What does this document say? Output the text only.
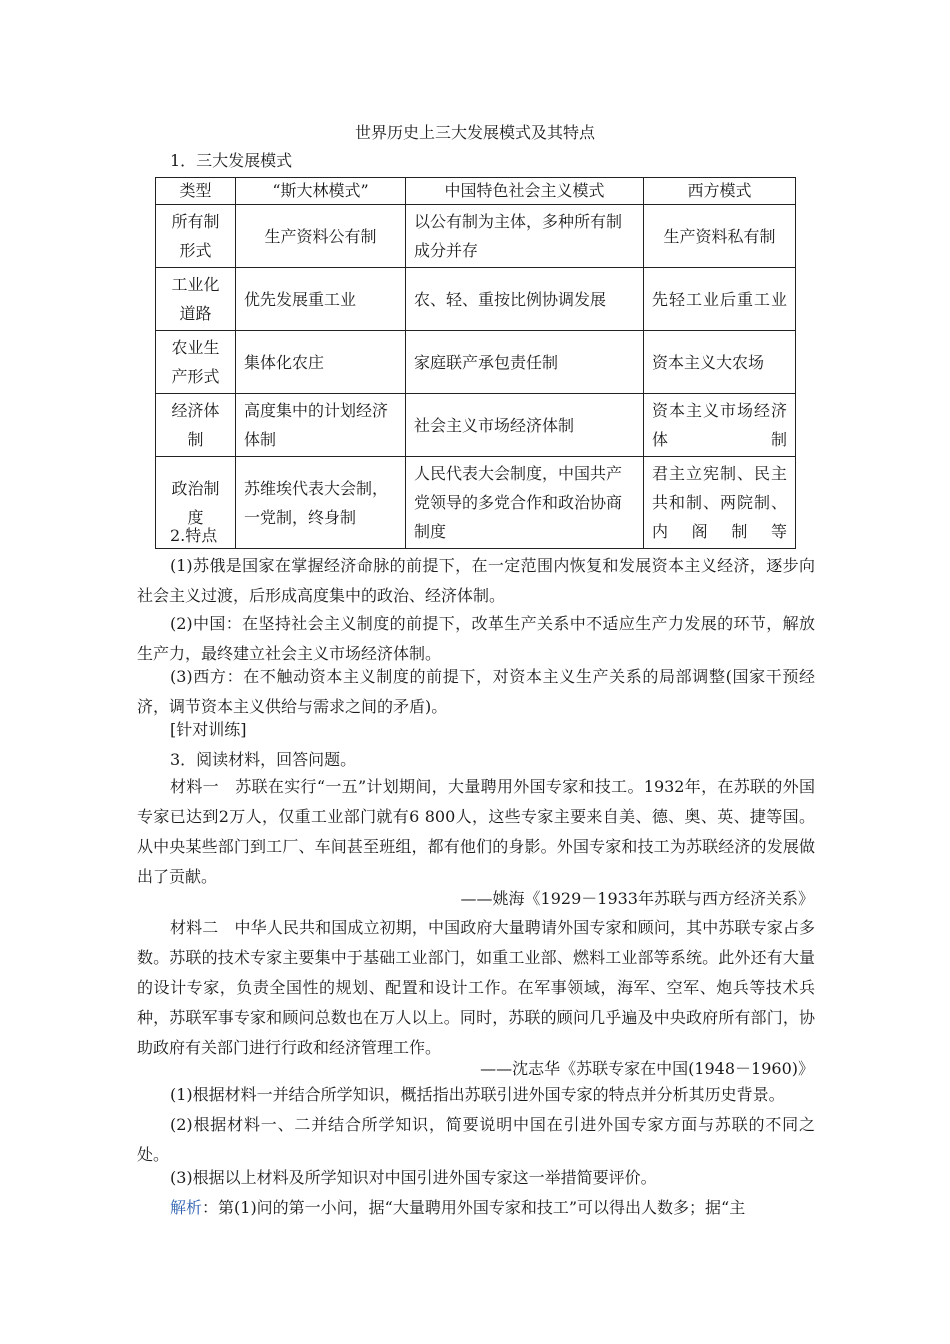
世界历史上三大发展模式及其特点
1．三大发展模式
类型	“斯大林模式”	中国特色社会主义模式	西方模式
所有制形式	生产资料公有制	以公有制为主体，多种所有制成分并存	生产资料私有制
工业化道路	优先发展重工业	农、轻、重按比例协调发展	先轻工业后重工业
农业生产形式	集体化农庄	家庭联产承包责任制	资本主义大农场
经济体制	高度集中的计划经济体制	社会主义市场经济体制	资本主义市场经济体制
政治制度	苏维埃代表大会制，一党制，终身制	人民代表大会制度，中国共产党领导的多党合作和政治协商制度	君主立宪制、民主共和制、两院制、内阁制等
2.特点

(1)苏俄是国家在掌握经济命脉的前提下，在一定范围内恢复和发展资本主义经济，逐步向社会主义过渡，后形成高度集中的政治、经济体制。

(2)中国：在坚持社会主义制度的前提下，改革生产关系中不适应生产力发展的环节，解放生产力，最终建立社会主义市场经济体制。

(3)西方：在不触动资本主义制度的前提下，对资本主义生产关系的局部调整(国家干预经济，调节资本主义供给与需求之间的矛盾)。

[针对训练]

3．阅读材料，回答问题。

材料一　苏联在实行“一五”计划期间，大量聘用外国专家和技工。1932年，在苏联的外国专家已达到2万人，仅重工业部门就有6 800人，这些专家主要来自美、德、奥、英、捷等国。从中央某些部门到工厂、车间甚至班组，都有他们的身影。外国专家和技工为苏联经济的发展做出了贡献。

——姚海《1929－1933年苏联与西方经济关系》

材料二　中华人民共和国成立初期，中国政府大量聘请外国专家和顾问，其中苏联专家占多数。苏联的技术专家主要集中于基础工业部门，如重工业部、燃料工业部等系统。此外还有大量的设计专家，负责全国性的规划、配置和设计工作。在军事领域，海军、空军、炮兵等技术兵种，苏联军事专家和顾问总数也在万人以上。同时，苏联的顾问几乎遍及中央政府所有部门，协助政府有关部门进行行政和经济管理工作。

——沈志华《苏联专家在中国(1948－1960)》

(1)根据材料一并结合所学知识，概括指出苏联引进外国专家的特点并分析其历史背景。

(2)根据材料一、二并结合所学知识，简要说明中国在引进外国专家方面与苏联的不同之处。

(3)根据以上材料及所学知识对中国引进外国专家这一举措简要评价。

解析：第(1)问的第一小问，据“大量聘用外国专家和技工”可以得出人数多；据“主
